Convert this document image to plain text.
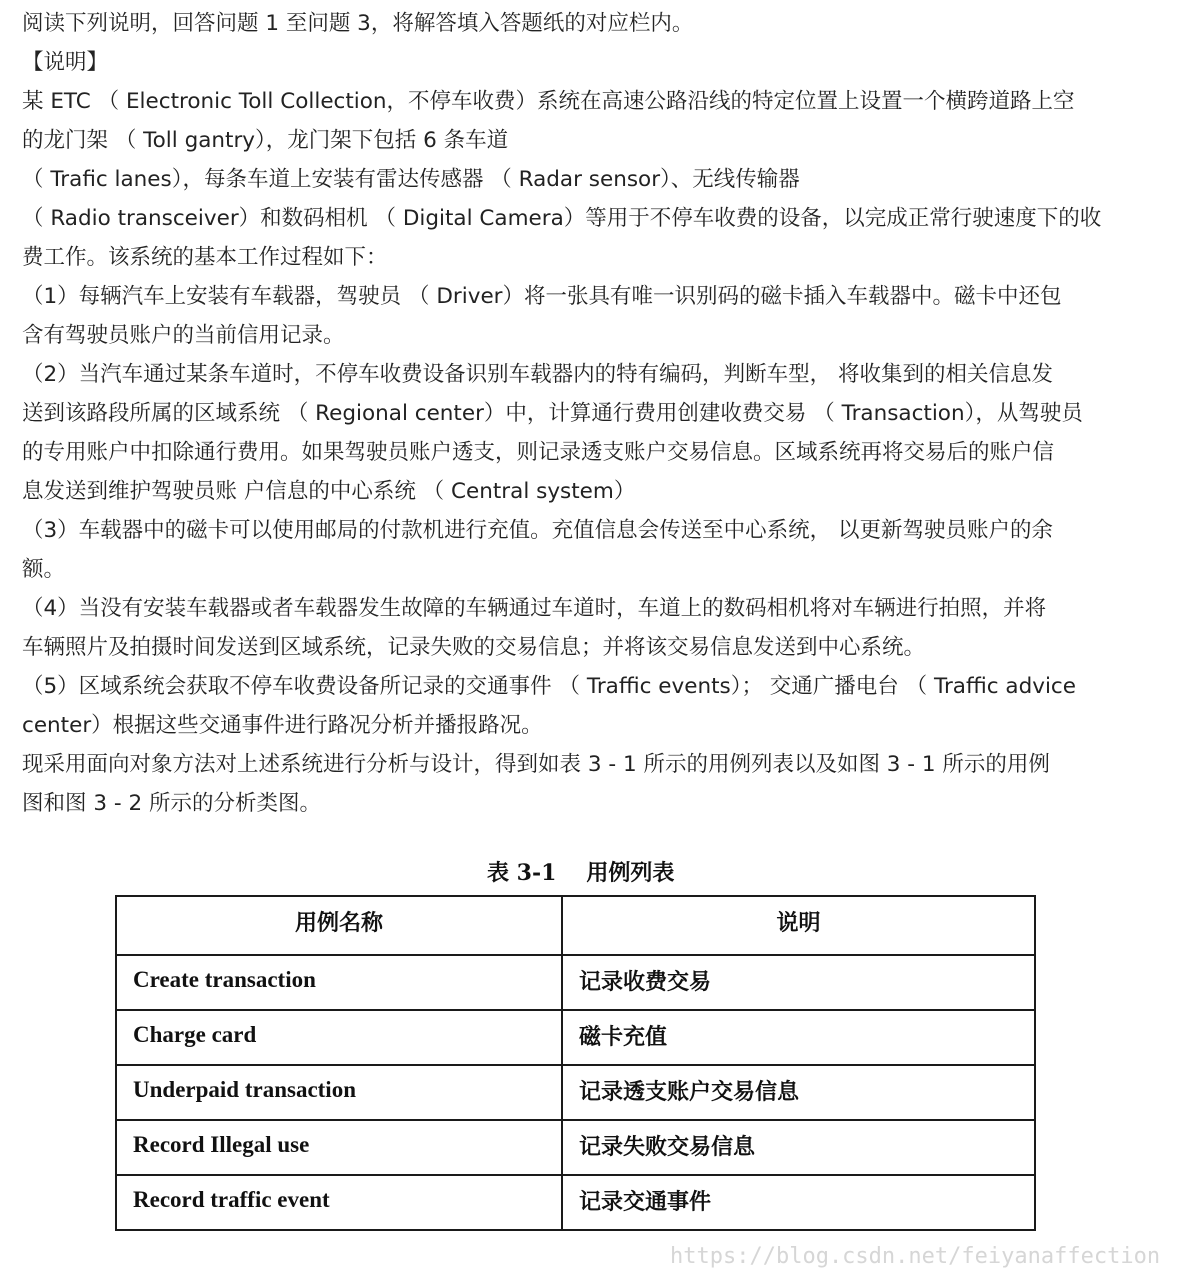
阅读下列说明，回答问题 1 至问题 3，将解答填入答题纸的对应栏内。
【说明】
某 ETC （ Electronic Toll Collection，不停车收费）系统在高速公路沿线的特定位置上设置一个横跨道路上空
的龙门架 （ Toll gantry），龙门架下包括 6 条车道
（ Trafic lanes），每条车道上安装有雷达传感器 （ Radar sensor）、无线传输器
（ Radio transceiver）和数码相机 （ Digital Camera）等用于不停车收费的设备，以完成正常行驶速度下的收
费工作。该系统的基本工作过程如下：
（1）每辆汽车上安装有车载器，驾驶员 （ Driver）将一张具有唯一识别码的磁卡插入车载器中。磁卡中还包
含有驾驶员账户的当前信用记录。
（2）当汽车通过某条车道时，不停车收费设备识别车载器内的特有编码，判断车型， 将收集到的相关信息发
送到该路段所属的区域系统 （ Regional center）中，计算通行费用创建收费交易 （ Transaction），从驾驶员
的专用账户中扣除通行费用。如果驾驶员账户透支，则记录透支账户交易信息。区域系统再将交易后的账户信
息发送到维护驾驶员账 户信息的中心系统 （ Central system）
（3）车载器中的磁卡可以使用邮局的付款机进行充值。充值信息会传送至中心系统， 以更新驾驶员账户的余
额。
（4）当没有安装车载器或者车载器发生故障的车辆通过车道时，车道上的数码相机将对车辆进行拍照，并将
车辆照片及拍摄时间发送到区域系统，记录失败的交易信息；并将该交易信息发送到中心系统。
（5）区域系统会获取不停车收费设备所记录的交通事件 （ Traffic events）； 交通广播电台 （ Traffic advice
center）根据这些交通事件进行路况分析并播报路况。
现采用面向对象方法对上述系统进行分析与设计，得到如表 3 - 1 所示的用例列表以及如图 3 - 1 所示的用例
图和图 3 - 2 所示的分析类图。
表 3-1 用例列表
用例名称	说明
Create transaction	记录收费交易
Charge card	磁卡充值
Underpaid transaction	记录透支账户交易信息
Record Illegal use	记录失败交易信息
Record traffic event	记录交通事件
https://blog.csdn.net/feiyanaffection
